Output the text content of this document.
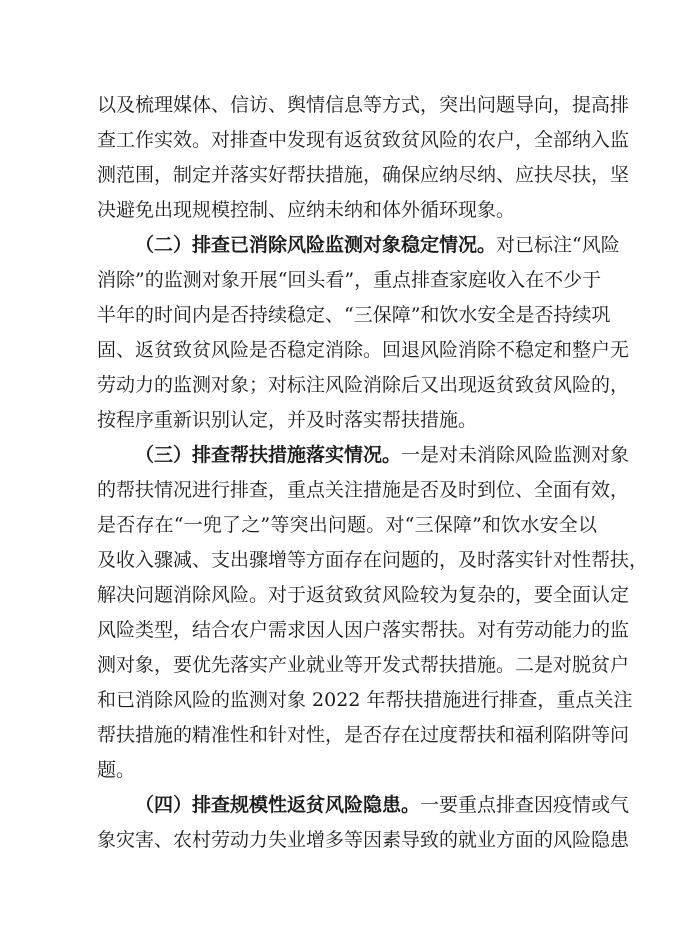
以及梳理媒体、信访、舆情信息等方式，突出问题导向，提高排
查工作实效。对排查中发现有返贫致贫风险的农户，全部纳入监
测范围，制定并落实好帮扶措施，确保应纳尽纳、应扶尽扶，坚
决避免出现规模控制、应纳未纳和体外循环现象。
（二）排查已消除风险监测对象稳定情况。对已标注“风险
消除”的监测对象开展“回头看”，重点排查家庭收入在不少于
半年的时间内是否持续稳定、“三保障”和饮水安全是否持续巩
固、返贫致贫风险是否稳定消除。回退风险消除不稳定和整户无
劳动力的监测对象；对标注风险消除后又出现返贫致贫风险的，
按程序重新识别认定，并及时落实帮扶措施。
（三）排查帮扶措施落实情况。一是对未消除风险监测对象
的帮扶情况进行排查，重点关注措施是否及时到位、全面有效，
是否存在“一兜了之”等突出问题。对“三保障”和饮水安全以
及收入骤减、支出骤增等方面存在问题的，及时落实针对性帮扶，
解决问题消除风险。对于返贫致贫风险较为复杂的，要全面认定
风险类型，结合农户需求因人因户落实帮扶。对有劳动能力的监
测对象，要优先落实产业就业等开发式帮扶措施。二是对脱贫户
和已消除风险的监测对象 2022 年帮扶措施进行排查，重点关注
帮扶措施的精准性和针对性，是否存在过度帮扶和福利陷阱等问
题。
（四）排查规模性返贫风险隐患。一要重点排查因疫情或气
象灾害、农村劳动力失业增多等因素导致的就业方面的风险隐患
